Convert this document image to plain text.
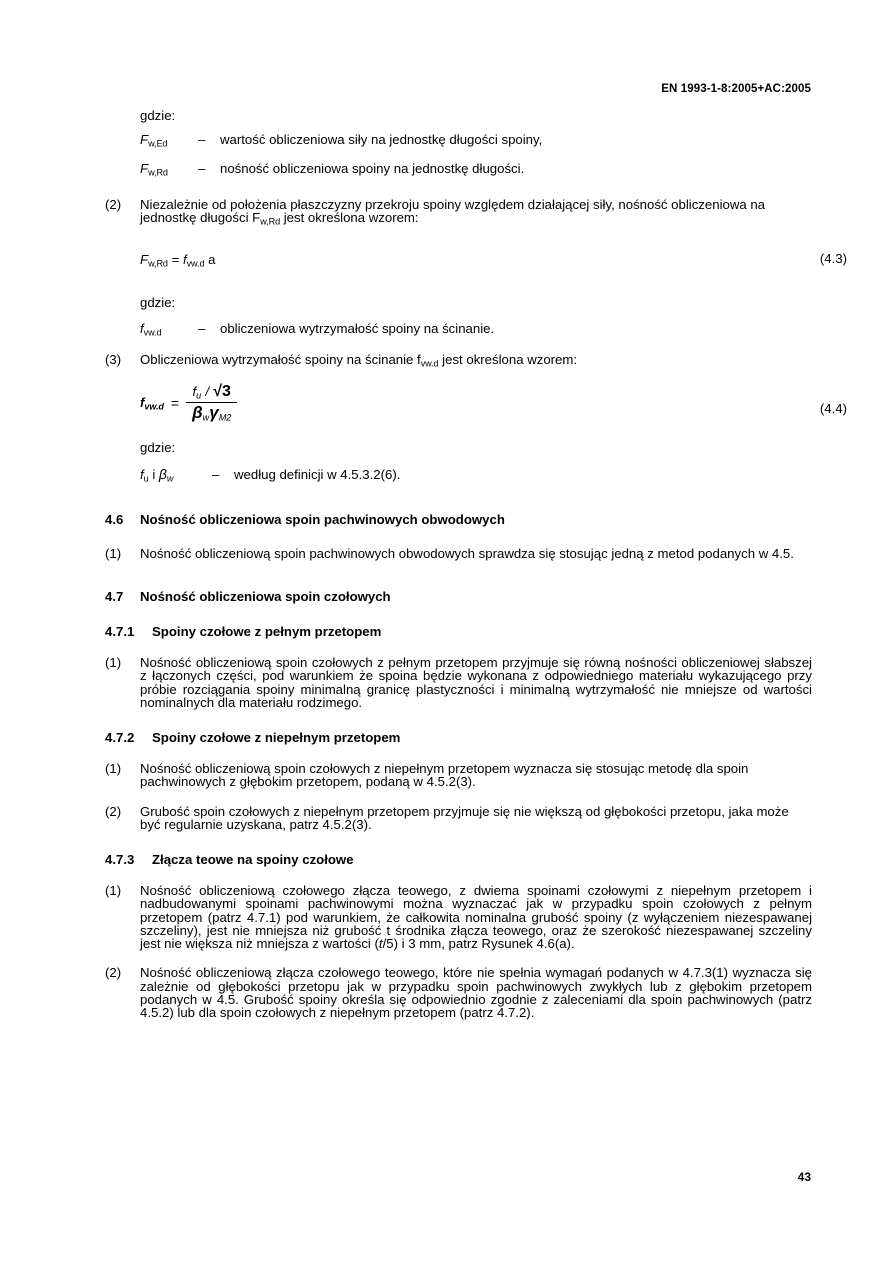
EN 1993-1-8:2005+AC:2005
gdzie:
$F_{w,Ed}$	–	wartość obliczeniowa siły na jednostkę długości spoiny,
$F_{w,Rd}$	–	nośność obliczeniowa spoiny na jednostkę długości.
(2)	Niezależnie od położenia płaszczyzny przekroju spoiny względem działającej siły, nośność obliczeniowa na jednostkę długości $F_{w,Rd}$ jest określona wzorem:
$F_{w,Rd} = f_{vw.d}$ a	(4.3)
gdzie:
$f_{vw.d}$	–	obliczeniowa wytrzymałość spoiny na ścinanie.
(3)	Obliczeniowa wytrzymałość spoiny na ścinanie $f_{vw.d}$ jest określona wzorem:
$f_{vw.d} = \frac{fu / √3}{\text{βwγM2}}$	(4.4)
gdzie:
$f_u$ i βw	–	według definicji w 4.5.3.2(6).
4.6	Nośność obliczeniowa spoin pachwinowych obwodowych
(1)	Nośność obliczeniową spoin pachwinowych obwodowych sprawdza się stosując jedną z metod podanych w 4.5.
4.7	Nośność obliczeniowa spoin czołowych
4.7.1	Spoiny czołowe z pełnym przetopem
(1)	Nośność obliczeniową spoin czołowych z pełnym przetopem przyjmuje się równą nośności obliczeniowej słabszej z łączonych części, pod warunkiem że spoina będzie wykonana z odpowiedniego materiału wykazującego przy próbie rozciągania spoiny minimalną granicę plastyczności i minimalną wytrzymałość nie mniejsze od wartości nominalnych dla materiału rodzimego.
4.7.2	Spoiny czołowe z niepełnym przetopem
(1)	Nośność obliczeniową spoin czołowych z niepełnym przetopem wyznacza się stosując metodę dla spoin pachwinowych z głębokim przetopem, podaną w 4.5.2(3).
(2)	Grubość spoin czołowych z niepełnym przetopem przyjmuje się nie większą od głębokości przetopu, jaka może być regularnie uzyskana, patrz 4.5.2(3).
4.7.3	Złącza teowe na spoiny czołowe
(1)	Nośność obliczeniową czołowego złącza teowego, z dwiema spoinami czołowymi z niepełnym przetopem i nadbudowanymi spoinami pachwinowymi można wyznaczać jak w przypadku spoin czołowych z pełnym przetopem (patrz 4.7.1) pod warunkiem, że całkowita nominalna grubość spoiny (z wyłączeniem niezespawanej szczeliny), jest nie mniejsza niż grubość t środnika złącza teowego, oraz że szerokość niezespawanej szczeliny jest nie większa niż mniejsza z wartości (t/5) i 3 mm, patrz Rysunek 4.6(a).
(2)	Nośność obliczeniową złącza czołowego teowego, które nie spełnia wymagań podanych w 4.7.3(1) wyznacza się zależnie od głębokości przetopu jak w przypadku spoin pachwinowych zwykłych lub z głębokim przetopem podanych w 4.5. Grubość spoiny określa się odpowiednio zgodnie z zaleceniami dla spoin pachwinowych (patrz 4.5.2) lub dla spoin czołowych z niepełnym przetopem (patrz 4.7.2).
43
